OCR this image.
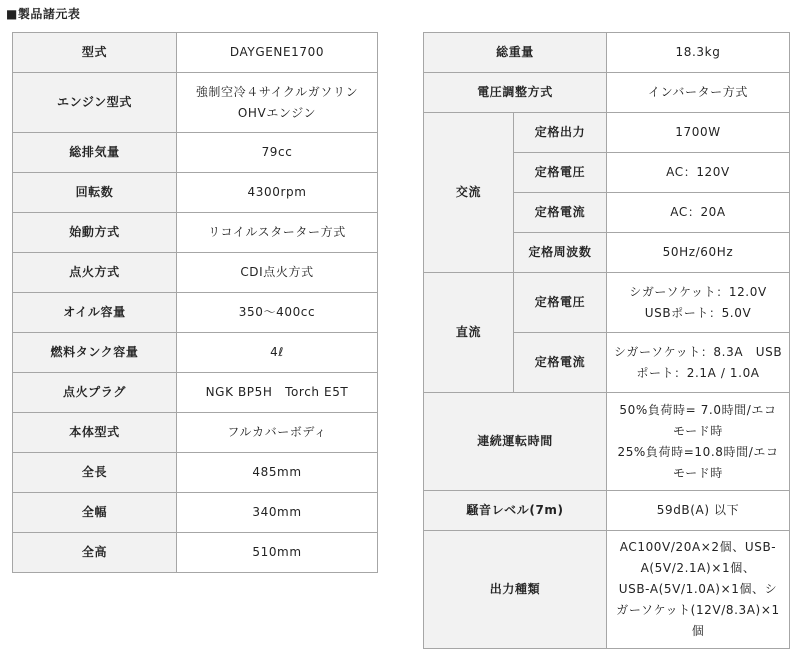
■製品諸元表
型式	DAYGENE1700
エンジン型式	強制空冷４サイクルガソリン
OHVエンジン
総排気量	79cc
回転数	4300rpm
始動方式	リコイルスターター方式
点火方式	CDI点火方式
オイル容量	350〜400cc
燃料タンク容量	4ℓ
点火プラグ	NGK BP5H　Torch E5T
本体型式	フルカバーボディ
全長	485mm
全幅	340mm
全高	510mm
総重量		18.3kg
電圧調整方式		インバーター方式
交流	定格出力	1700W
	定格電圧	AC：120V
	定格電流	AC：20A
	定格周波数	50Hz/60Hz
直流	定格電圧	シガーソケット：12.0V
USBポート：5.0V
	定格電流	シガーソケット：8.3A　USB
ポート：2.1A / 1.0A
連続運転時間		50%負荷時= 7.0時間/エコ
モード時
25%負荷時=10.8時間/エコ
モード時
騒音レベル(7m)		59dB(A) 以下
出力種類		AC100V/20A×2個、USB-
A(5V/2.1A)×1個、
USB-A(5V/1.0A)×1個、シ
ガーソケット(12V/8.3A)×1
個
